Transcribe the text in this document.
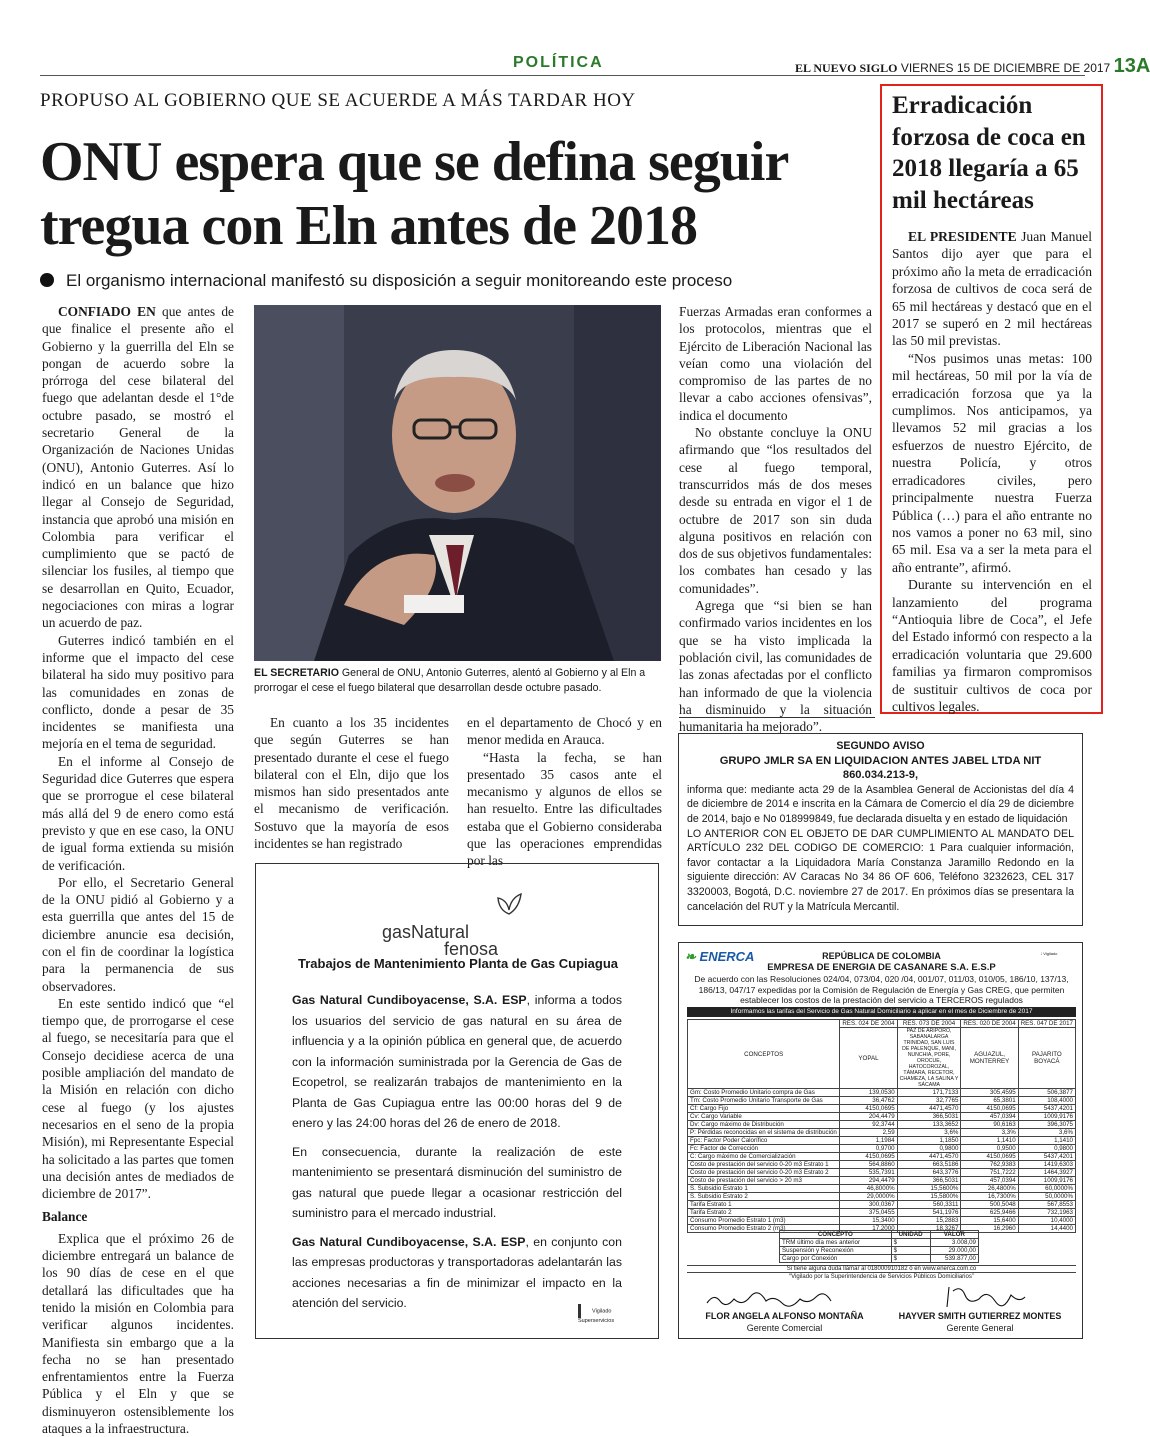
POLÍTICA	EL NUEVO SIGLO VIERNES 15 DE DICIEMBRE DE 2017 13A
PROPUSO AL GOBIERNO QUE SE ACUERDE A MÁS TARDAR HOY
ONU espera que se defina seguir tregua con Eln antes de 2018
El organismo internacional manifestó su disposición a seguir monitoreando este proceso

CONFIADO EN que antes de que finalice el presente año el Gobierno y la guerrilla del Eln se pongan de acuerdo sobre la prórroga del cese bilateral del fuego que adelantan desde el 1°de octubre pasado, se mostró el secretario General de la Organización de Naciones Unidas (ONU), Antonio Guterres. Así lo indicó en un balance que hizo llegar al Consejo de Seguridad, instancia que aprobó una misión en Colombia para verificar el cumplimiento que se pactó de silenciar los fusiles, al tiempo que se desarrollan en Quito, Ecuador, negociaciones con miras a lograr un acuerdo de paz.

Guterres indicó también en el informe que el impacto del cese bilateral ha sido muy positivo para las comunidades en zonas de conflicto, donde a pesar de 35 incidentes se manifiesta una mejoría en el tema de seguridad.

En el informe al Consejo de Seguridad dice Guterres que espera que se prorrogue el cese bilateral más allá del 9 de enero como está previsto y que en ese caso, la ONU de igual forma extienda su misión de verificación.

Por ello, el Secretario General de la ONU pidió al Gobierno y a esta guerrilla que antes del 15 de diciembre anuncie esa decisión, con el fin de coordinar la logística para la permanencia de sus observadores.

En este sentido indicó que “el tiempo que, de prorrogarse el cese al fuego, se necesitaría para que el Consejo decidiese acerca de una posible ampliación del mandato de la Misión en relación con dicho cese al fuego (y los ajustes necesarios en el seno de la propia Misión), mi Representante Especial ha solicitado a las partes que tomen una decisión antes de mediados de diciembre de 2017”.

Balance

Explica que el próximo 26 de diciembre entregará un balance de los 90 días de cese en el que detallará las dificultades que ha tenido la misión en Colombia para verificar algunos incidentes. Manifiesta sin embargo que a la fecha no se han presentado enfrentamientos entre la Fuerza Pública y el Eln y que se disminuyeron ostensiblemente los ataques a la infraestructura.

EL SECRETARIO General de ONU, Antonio Guterres, alentó al Gobierno y al Eln a prorrogar el cese el fuego bilateral que desarrollan desde octubre pasado.

En cuanto a los 35 incidentes que según Guterres se han presentado durante el cese el fuego bilateral con el Eln, dijo que los mismos han sido presentados ante el mecanismo de verificación. Sostuvo que la mayoría de esos incidentes se han registrado

en el departamento de Chocó y en menor medida en Arauca.

“Hasta la fecha, se han presentado 35 casos ante el mecanismo y algunos de ellos se han resuelto. Entre las dificultades estaba que el Gobierno consideraba que las operaciones emprendidas por las

Fuerzas Armadas eran conformes a los protocolos, mientras que el Ejército de Liberación Nacional las veían como una violación del compromiso de las partes de no llevar a cabo acciones ofensivas”, indica el documento

No obstante concluye la ONU afirmando que “los resultados del cese al fuego temporal, transcurridos más de dos meses desde su entrada en vigor el 1 de octubre de 2017 son sin duda alguna positivos en relación con dos de sus objetivos fundamentales: los combates han cesado y las comunidades”.

Agrega que “si bien se han confirmado varios incidentes en los que se ha visto implicada la población civil, las comunidades de las zonas afectadas por el conflicto han informado de que la violencia ha disminuido y la situación humanitaria ha mejorado”.

Erradicación forzosa de coca en 2018 llegaría a 65 mil hectáreas

EL PRESIDENTE Juan Manuel Santos dijo ayer que para el próximo año la meta de erradicación forzosa de cultivos de coca será de 65 mil hectáreas y destacó que en el 2017 se superó en 2 mil hectáreas las 50 mil previstas.

“Nos pusimos unas metas: 100 mil hectáreas, 50 mil por la vía de erradicación forzosa que ya la cumplimos. Nos anticipamos, ya llevamos 52 mil gracias a los esfuerzos de nuestro Ejército, de nuestra Policía, y otros erradicadores civiles, pero principalmente nuestra Fuerza Pública (…) para el año entrante no nos vamos a poner no 63 mil, sino 65 mil. Esa va a ser la meta para el año entrante”, afirmó.

Durante su intervención en el lanzamiento del programa “Antioquia libre de Coca”, el Jefe del Estado informó con respecto a la erradicación voluntaria que 29.600 familias ya firmaron compromisos de sustituir cultivos de coca por cultivos legales.

SEGUNDO AVISO
GRUPO JMLR SA EN LIQUIDACION ANTES JABEL LTDA NIT 860.034.213-9,
informa que: mediante acta 29 de la Asamblea General de Accionistas del día 4 de diciembre de 2014 e inscrita en la Cámara de Comercio el día 29 de diciembre de 2014, bajo e No 018999849, fue declarada disuelta y en estado de liquidación
LO ANTERIOR CON EL OBJETO DE DAR CUMPLIMIENTO AL MANDATO DEL ARTÍCULO 232 DEL CODIGO DE COMERCIO: 1 Para cualquier información, favor contactar a la Liquidadora María Constanza Jaramillo Redondo en la siguiente dirección: AV Caracas No 34 86 OF 606, Teléfono 3232623, CEL 317 3320003, Bogotá, D.C. noviembre 27 de 2017. En próximos días se presentara la cancelación del RUT y la Matrícula Mercantil.
gasNatural
fenosa
Trabajos de Mantenimiento Planta de Gas Cupiagua

Gas Natural Cundiboyacense, S.A. ESP, informa a todos los usuarios del servicio de gas natural en su área de influencia y a la opinión pública en general que, de acuerdo con la información suministrada por la Gerencia de Gas de Ecopetrol, se realizarán trabajos de mantenimiento en la Planta de Gas Cupiagua entre las 00:00 horas del 9 de enero y las 24:00 horas del 26 de enero de 2018.

En consecuencia, durante la realización de este mantenimiento se presentará disminución del suministro de gas natural que puede llegar a ocasionar restricción del suministro para el mercado industrial.

Gas Natural Cundiboyacense, S.A. ESP, en conjunto con las empresas productoras y transportadoras adelantarán las acciones necesarias a fin de minimizar el impacto en la atención del servicio.

Vigilado Superservicios
❧ ENERCA	⁞ Vigilado
REPÚBLICA DE COLOMBIA
EMPRESA DE ENERGIA DE CASANARE S.A. E.S.P
De acuerdo con las Resoluciones 024/04, 073/04, 020 /04, 001/07, 011/03, 010/05, 186/10, 137/13, 186/13, 047/17 expedidas por la Comisión de Regulación de Energía y Gas CREG, que permiten establecer los costos de la prestación del servicio a TERCEROS regulados
Informamos las tarifas del Servicio de Gas Natural Domiciliario a aplicar en el mes de Diciembre de 2017
CONCEPTOS	RES. 024 DE 2004	RES. 073 DE 2004	RES. 020 DE 2004	RES. 047 DE 2017
	YOPAL	PAZ DE ARIPORO, SABANALARGA TRINIDAD, SAN LUIS DE PALENQUE, MANI, NUNCHIA, PORE, OROCUE, HATOCOROZAL, TÁMARA, RECETOR, CHAMEZA, LA SALINA Y SÁCAMA	AGUAZUL, MONTERREY	PAJARITO BOYACÁ
Gm: Costo Promedio Unitario compra de Gas	139,0530	171,7133	305,4595	506,3877
Tm: Costo Promedio Unitario Transporte de Gas	36,4762	32,7765	65,3801	108,4000
Cf: Cargo Fijo	4150,0695	4471,4570	4150,0695	5437,4201
Cv: Cargo Variable	204,4479	366,5031	457,0394	1009,9176
Dv: Cargo máximo de Distribución	92,3744	133,3652	90,6163	396,3075
P: Pérdidas reconocidas en el sistema de distribución	2,59	3,6%	3,3%	3,6%
Fpc: Factor Poder Calorífico	1,1984	1,1850	1,1410	1,1410
Fc: Factor de Corrección	0,9700	0,9800	0,9500	0,9800
C: Cargo máximo de Comercialización	4150,0695	4471,4570	4150,0695	5437,4201
Costo de prestación del servicio 0-20 m3 Estrato 1	564,8860	663,5186	762,9383	1419,6303
Costo de prestación del servicio 0-20 m3 Estrato 2	535,7391	643,3776	751,7222	1464,3927
Costo de prestación del servicio > 20 m3	294,4479	366,5031	457,0394	1009,9176
S. Subsidio Estrato 1	46,8000%	15,5600%	26,4800%	60,0000%
S. Subsidio Estrato 2	29,0000%	15,5800%	16,7300%	50,0000%
Tarifa Estrato 1	300,0367	560,3311	500,5048	567,8553
Tarifa Estrato 2	375,0455	541,1976	625,9466	732,1963
Consumo Promedio Estrato 1 (m3)	15,3400	15,2883	15,6400	10,4000
Consumo Promedio Estrato 2 (m3)	17,2000	18,3267	16,2960	14,4400
CONCEPTO	UNIDAD	VALOR
TRM último día mes anterior	$	3.008,09
Suspensión y Reconexión	$	29.000,00
Cargo por Conexión	$	539.877,00
Si tiene alguna duda llámar al 018000910182 ó en www.enerca.com.co
“Vigilado por la Superintendencia de Servicios Públicos Domiciliarios”
FLOR ANGELA ALFONSO MONTAÑA
Gerente Comercial
HAYVER SMITH GUTIERREZ MONTES
Gerente General
